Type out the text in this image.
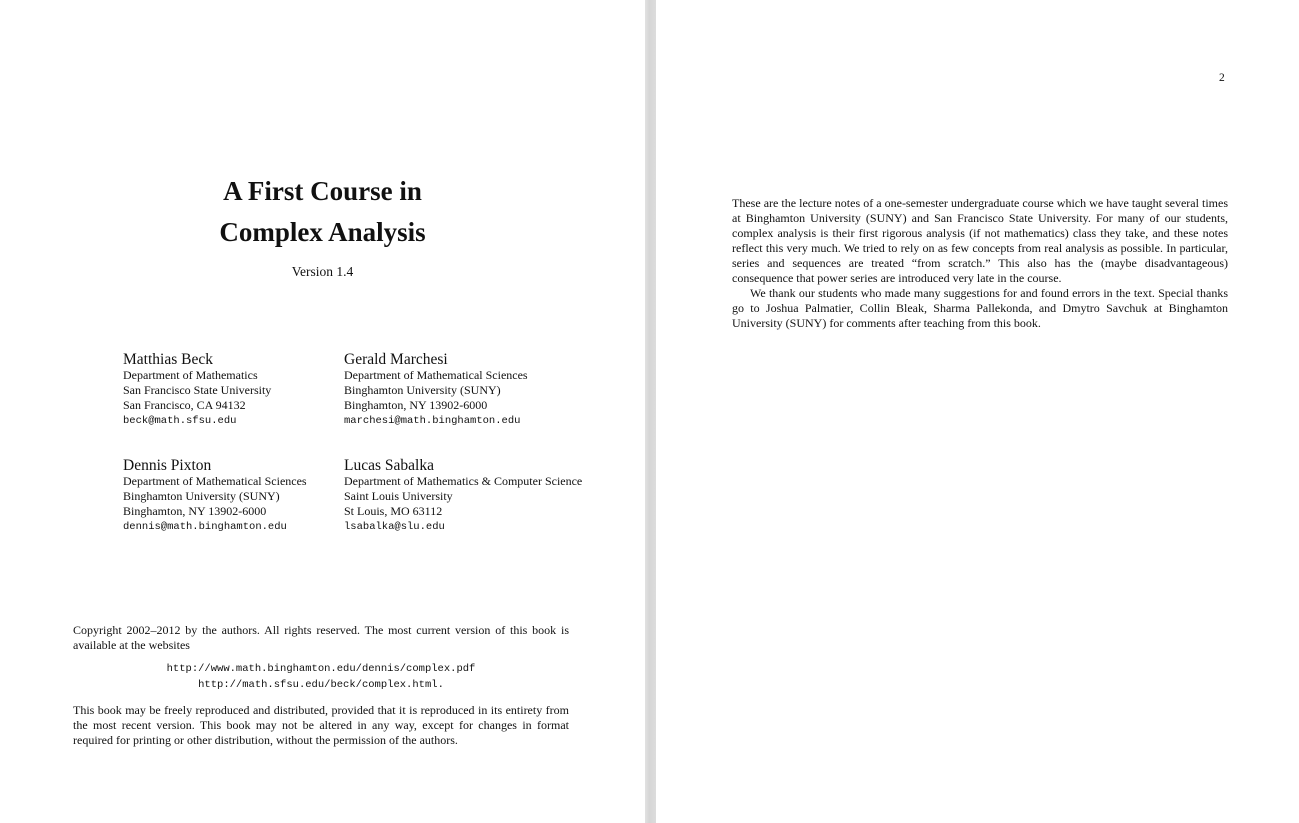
A First Course in
Complex Analysis
Version 1.4
Matthias Beck
Department of Mathematics
San Francisco State University
San Francisco, CA 94132
beck@math.sfsu.edu
Gerald Marchesi
Department of Mathematical Sciences
Binghamton University (SUNY)
Binghamton, NY 13902-6000
marchesi@math.binghamton.edu
Dennis Pixton
Department of Mathematical Sciences
Binghamton University (SUNY)
Binghamton, NY 13902-6000
dennis@math.binghamton.edu
Lucas Sabalka
Department of Mathematics & Computer Science
Saint Louis University
St Louis, MO 63112
lsabalka@slu.edu
Copyright 2002–2012 by the authors. All rights reserved. The most current version of this book is available at the websites
http://www.math.binghamton.edu/dennis/complex.pdf
http://math.sfsu.edu/beck/complex.html.
This book may be freely reproduced and distributed, provided that it is reproduced in its entirety from the most recent version. This book may not be altered in any way, except for changes in format required for printing or other distribution, without the permission of the authors.
2

These are the lecture notes of a one-semester undergraduate course which we have taught several times at Binghamton University (SUNY) and San Francisco State University. For many of our students, complex analysis is their first rigorous analysis (if not mathematics) class they take, and these notes reflect this very much. We tried to rely on as few concepts from real analysis as possible. In particular, series and sequences are treated “from scratch.” This also has the (maybe disadvantageous) consequence that power series are introduced very late in the course.

We thank our students who made many suggestions for and found errors in the text. Special thanks go to Joshua Palmatier, Collin Bleak, Sharma Pallekonda, and Dmytro Savchuk at Binghamton University (SUNY) for comments after teaching from this book.
